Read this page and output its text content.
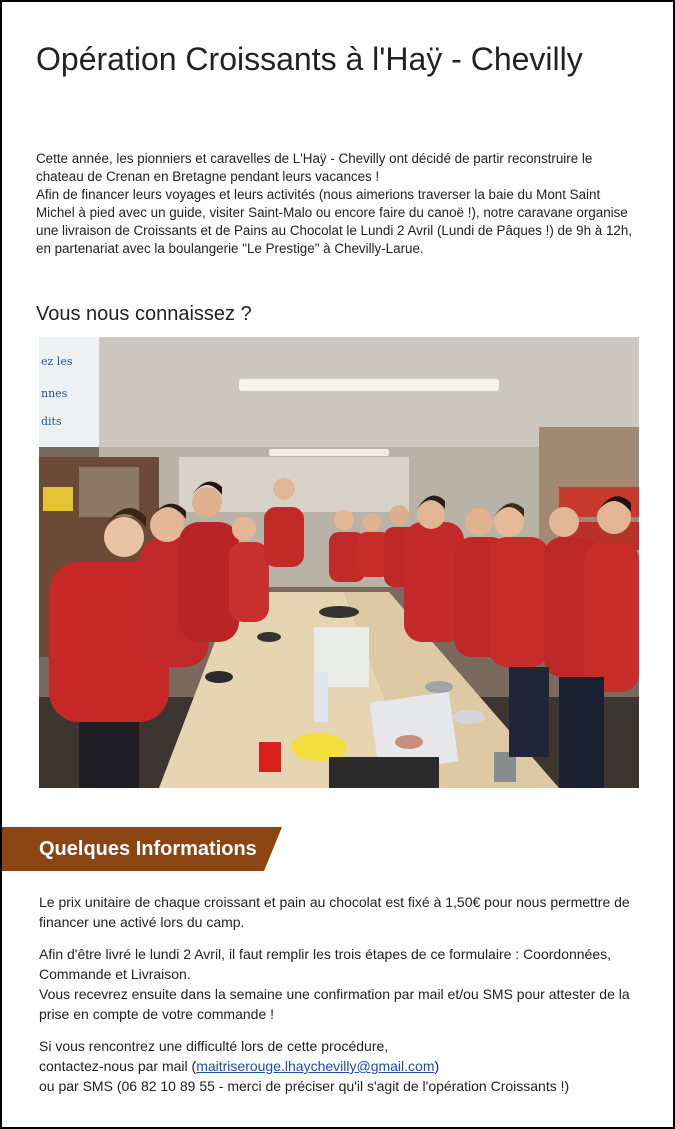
Opération Croissants à l'Haÿ - Chevilly

Cette année, les pionniers et caravelles de L'Haÿ - Chevilly ont décidé de partir reconstruire le chateau de Crenan en Bretagne pendant leurs vacances !

Afin de financer leurs voyages et leurs activités (nous aimerions traverser la baie du Mont Saint Michel à pied avec un guide, visiter Saint-Malo ou encore faire du canoë !), notre caravane organise une livraison de Croissants et de Pains au Chocolat le Lundi 2 Avril (Lundi de Pâques !) de 9h à 12h, en partenariat avec la boulangerie "Le Prestige" à Chevilly-Larue.

Vous nous connaissez ?
ez les
nnes
dits
Quelques Informations

Le prix unitaire de chaque croissant et pain au chocolat est fixé à 1,50€ pour nous permettre de financer une activé lors du camp.

Afin d'être livré le lundi 2 Avril, il faut remplir les trois étapes de ce formulaire : Coordonnées, Commande et Livraison.
Vous recevrez ensuite dans la semaine une confirmation par mail et/ou SMS pour attester de la prise en compte de votre commande !

Si vous rencontrez une difficulté lors de cette procédure,
contactez-nous par mail (maitriserouge.lhaychevilly@gmail.com)
ou par SMS (06 82 10 89 55 - merci de préciser qu'il s'agit de l'opération Croissants !)
